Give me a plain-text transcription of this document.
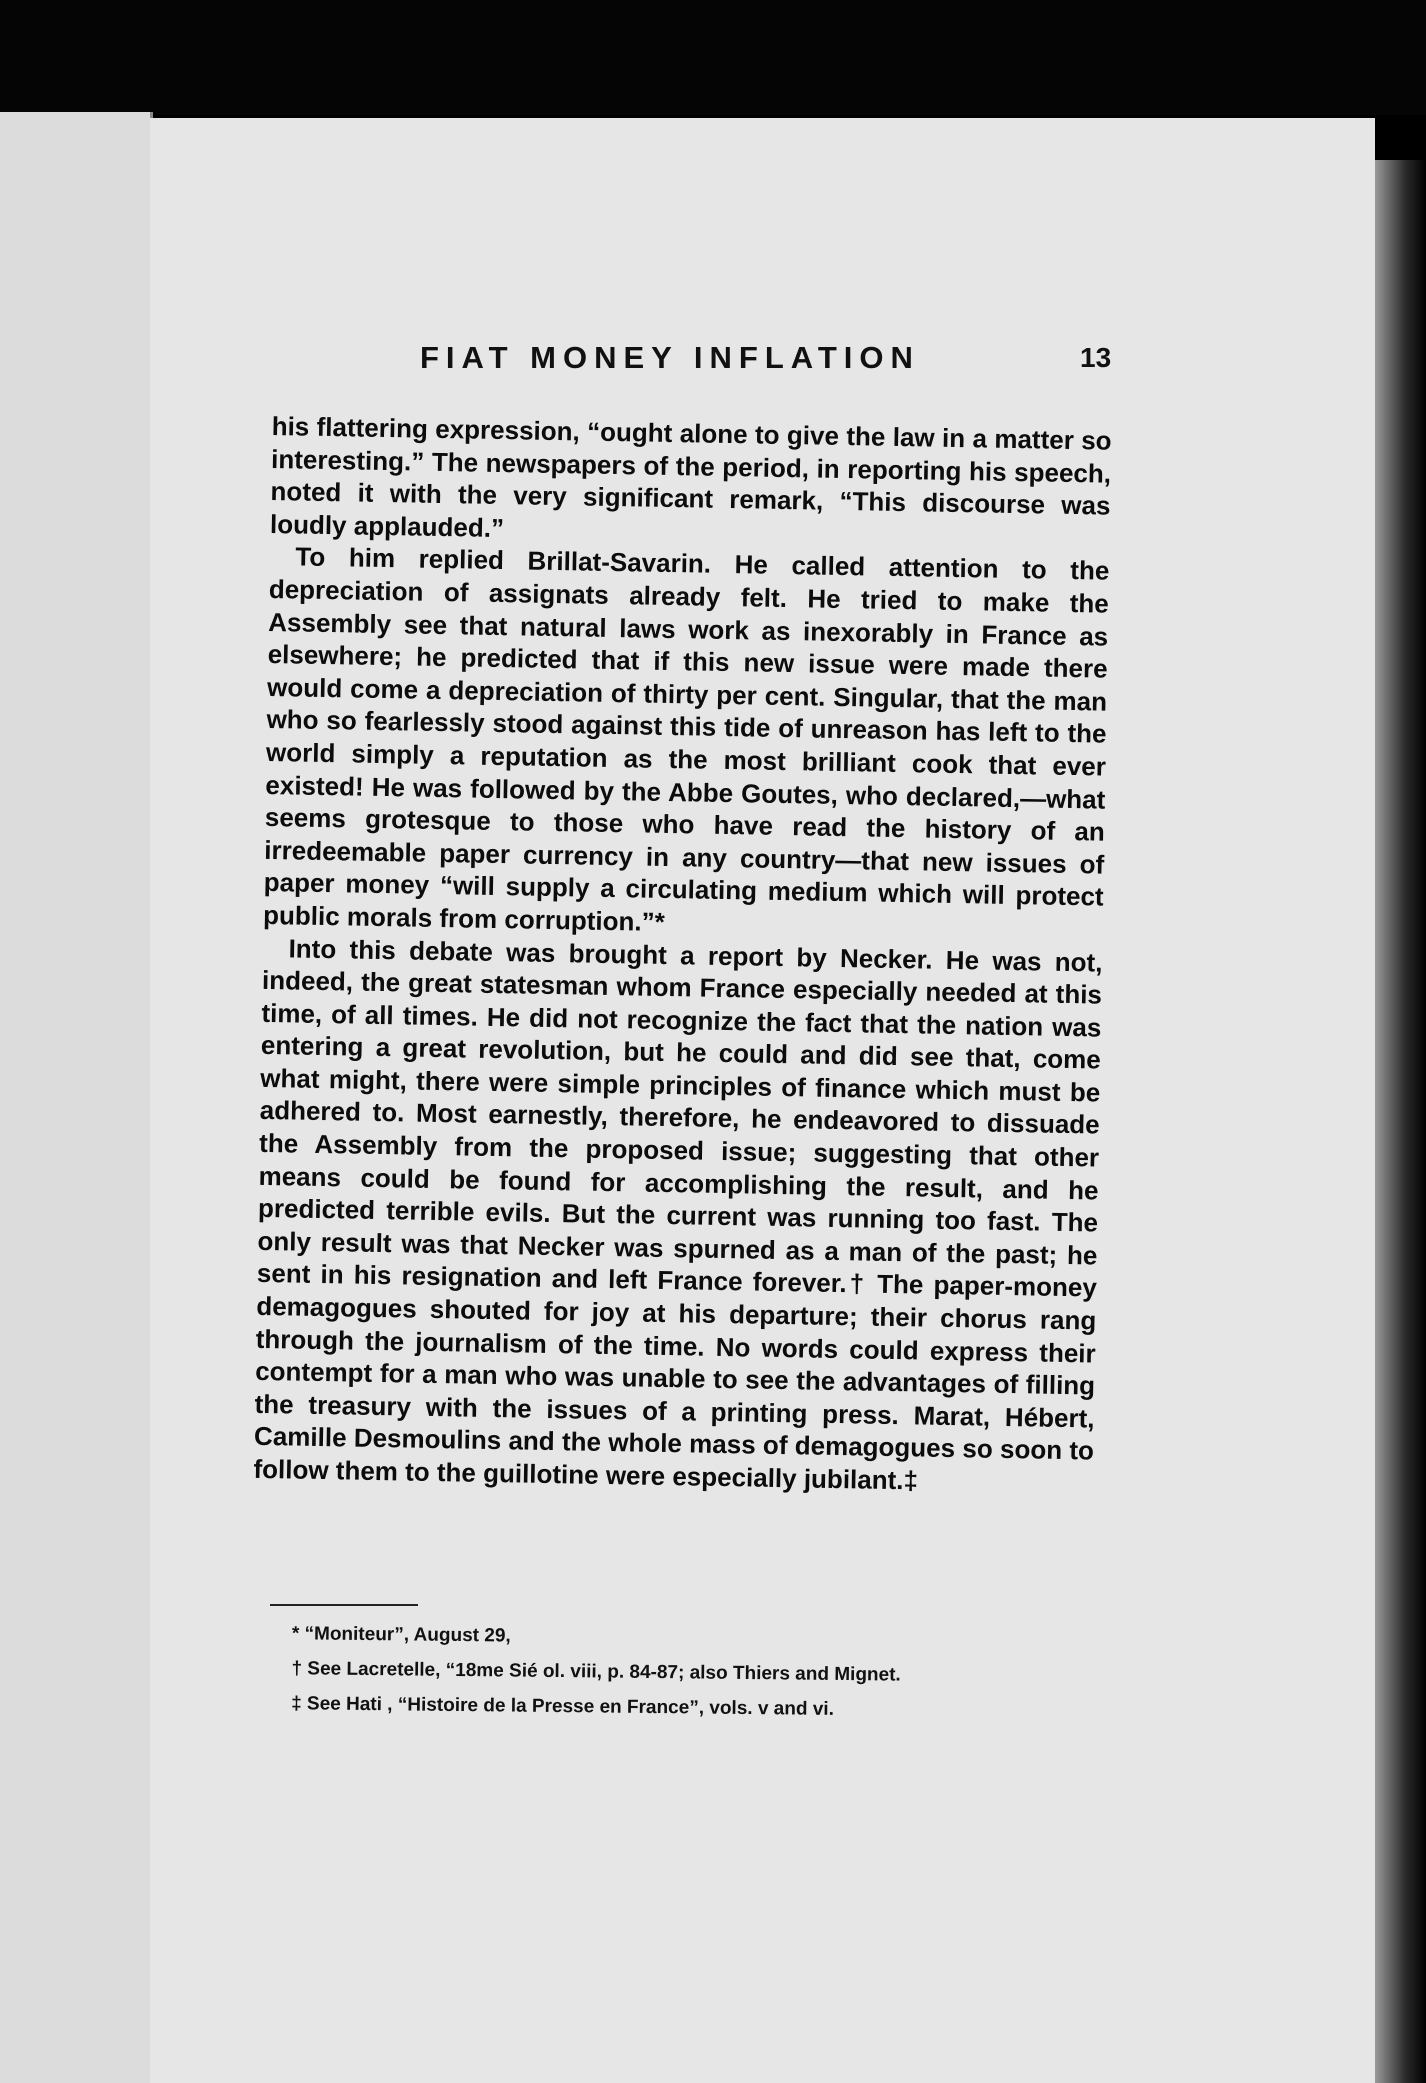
FIAT MONEY INFLATION	13

his flattering expression, “ought alone to give the law in a matter so interesting.” The newspapers of the period, in reporting his speech, noted it with the very significant remark, “This discourse was loudly applauded.”

To him replied Brillat-Savarin. He called attention to the depreciation of assignats already felt. He tried to make the Assembly see that natural laws work as inexorably in France as elsewhere; he predicted that if this new issue were made there would come a depreciation of thirty per cent. Singular, that the man who so fearlessly stood against this tide of unreason has left to the world simply a reputation as the most brilliant cook that ever existed! He was followed by the Abbe Goutes, who declared,—what seems grotesque to those who have read the history of an irredeemable paper currency in any country—that new issues of paper money “will supply a circulating medium which will protect public morals from corruption.”*

Into this debate was brought a report by Necker. He was not, indeed, the great statesman whom France especially needed at this time, of all times. He did not recognize the fact that the nation was entering a great revolution, but he could and did see that, come what might, there were simple principles of finance which must be adhered to. Most earnestly, therefore, he endeavored to dissuade the Assembly from the proposed issue; suggesting that other means could be found for accomplishing the result, and he predicted terrible evils. But the current was running too fast. The only result was that Necker was spurned as a man of the past; he sent in his resignation and left France forever.† The paper-money demagogues shouted for joy at his departure; their chorus rang through the journalism of the time. No words could express their contempt for a man who was unable to see the advantages of filling the treasury with the issues of a printing press. Marat, Hébert, Camille Desmoulins and the whole mass of demagogues so soon to follow them to the guillotine were especially jubilant.‡

* “Moniteur”, August 29,

† See Lacretelle, “18me Sié ol. viii, p. 84-87; also Thiers and Mignet.

‡ See Hati , “Histoire de la Presse en France”, vols. v and vi.
